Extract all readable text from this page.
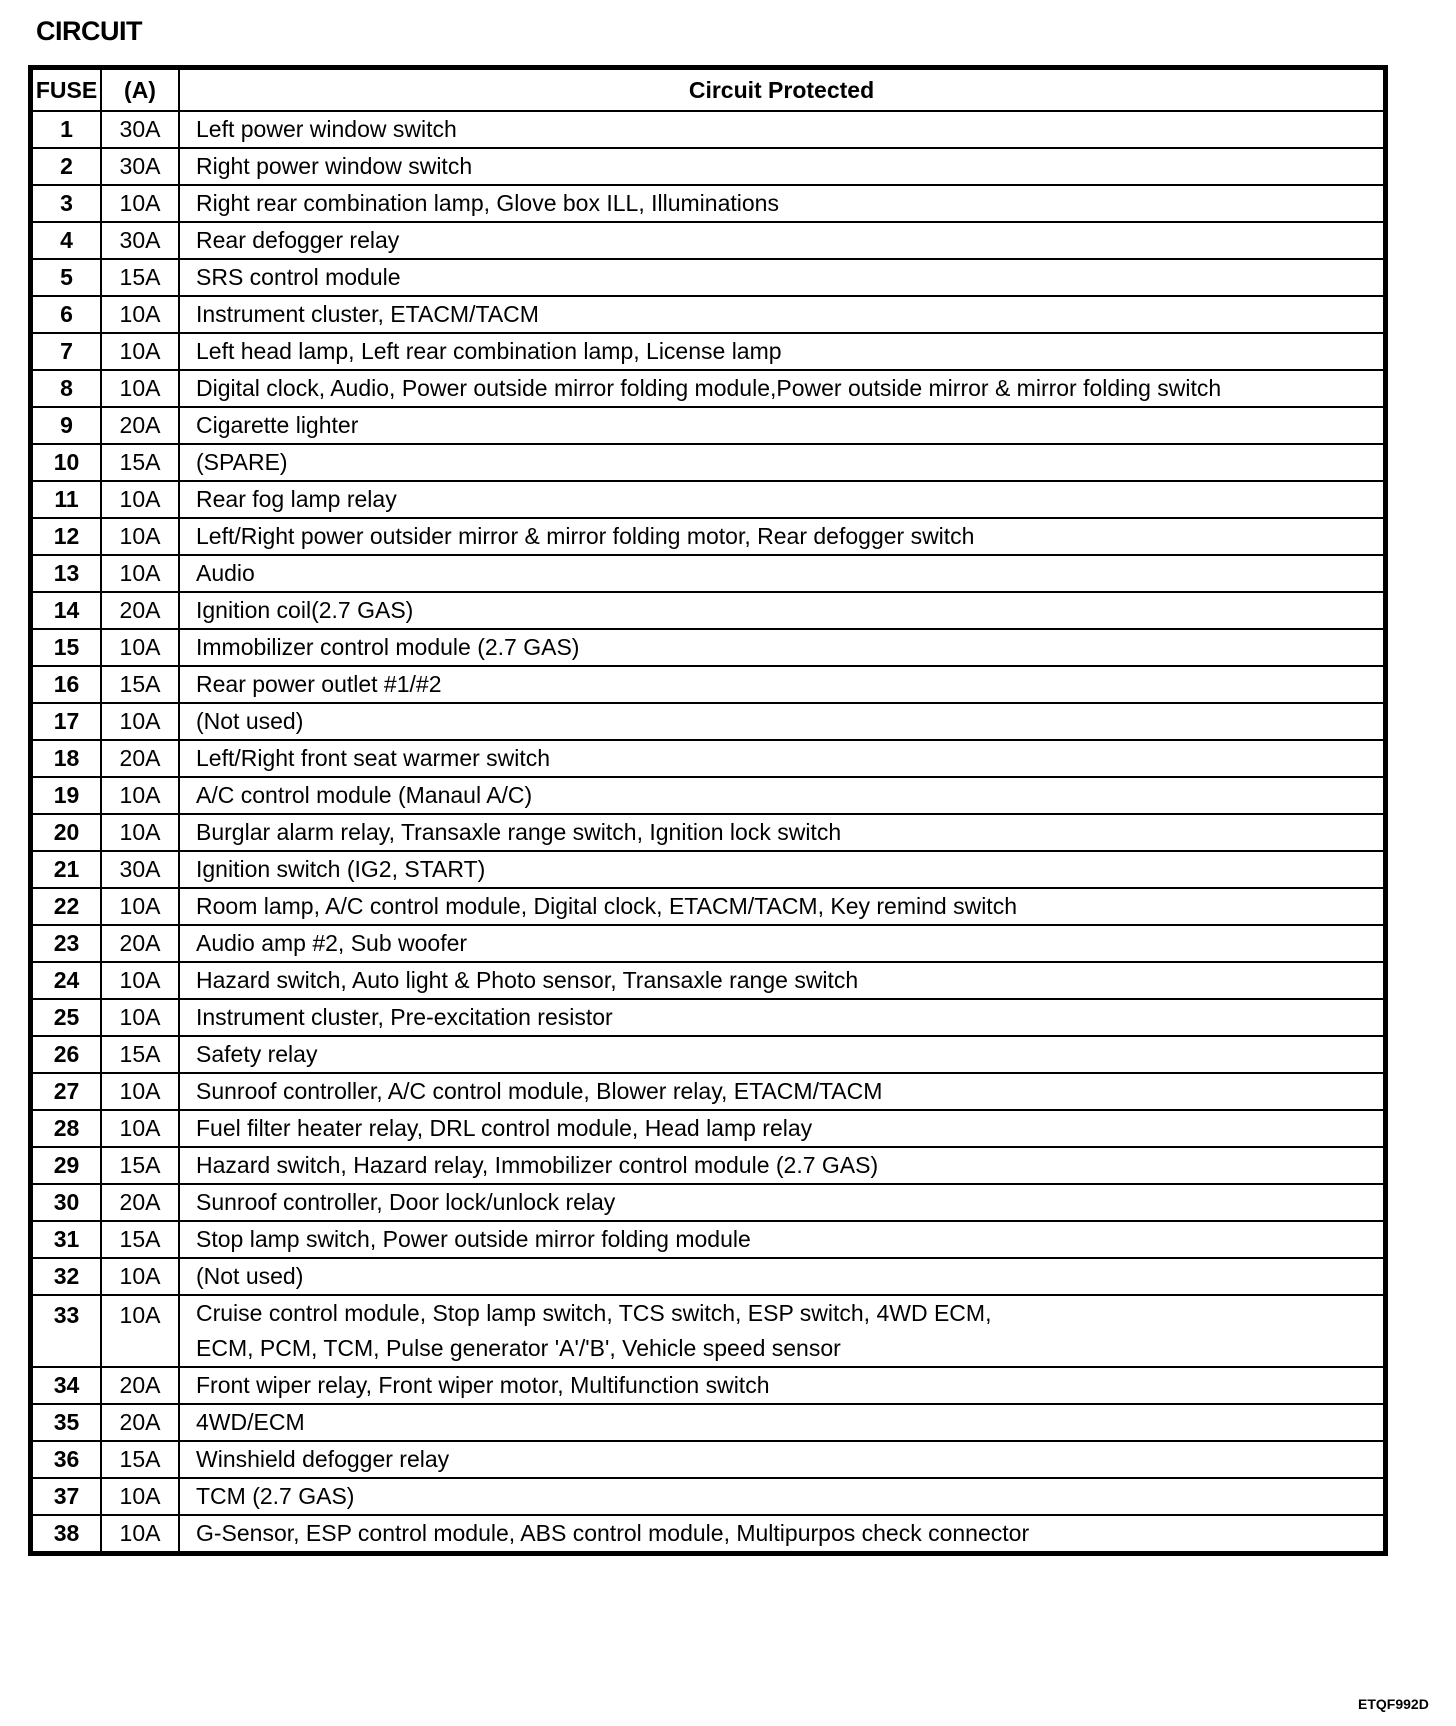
CIRCUIT
FUSE	(A)	Circuit Protected
1	30A	Left power window switch

2	30A	Right power window switch

3	10A	Right rear combination lamp, Glove box ILL, Illuminations

4	30A	Rear defogger relay

5	15A	SRS control module

6	10A	Instrument cluster, ETACM/TACM

7	10A	Left head lamp, Left rear combination lamp, License lamp

8	10A	Digital clock, Audio, Power outside mirror folding module,Power outside mirror & mirror folding switch

9	20A	Cigarette lighter

10	15A	(SPARE)

11	10A	Rear fog lamp relay

12	10A	Left/Right power outsider mirror & mirror folding motor, Rear defogger switch

13	10A	Audio

14	20A	Ignition coil(2.7 GAS)

15	10A	Immobilizer control module (2.7 GAS)

16	15A	Rear power outlet #1/#2

17	10A	(Not used)

18	20A	Left/Right front seat warmer switch

19	10A	A/C control module (Manaul A/C)

20	10A	Burglar alarm relay, Transaxle range switch, Ignition lock switch

21	30A	Ignition switch (IG2, START)

22	10A	Room lamp, A/C control module, Digital clock, ETACM/TACM, Key remind switch

23	20A	Audio amp #2, Sub woofer

24	10A	Hazard switch, Auto light & Photo sensor, Transaxle range switch

25	10A	Instrument cluster, Pre-excitation resistor

26	15A	Safety relay

27	10A	Sunroof controller, A/C control module, Blower relay, ETACM/TACM

28	10A	Fuel filter heater relay, DRL control module, Head lamp relay

29	15A	Hazard switch, Hazard relay, Immobilizer control module (2.7 GAS)

30	20A	Sunroof controller, Door lock/unlock relay

31	15A	Stop lamp switch, Power outside mirror folding module

32	10A	(Not used)

33	10A	Cruise control module, Stop lamp switch, TCS switch, ESP switch, 4WD ECM,
ECM, PCM, TCM, Pulse generator 'A'/'B', Vehicle speed sensor

34	20A	Front wiper relay, Front wiper motor, Multifunction switch

35	20A	4WD/ECM

36	15A	Winshield defogger relay

37	10A	TCM (2.7 GAS)

38	10A	G-Sensor, ESP control module, ABS control module, Multipurpos check connector
ETQF992D
